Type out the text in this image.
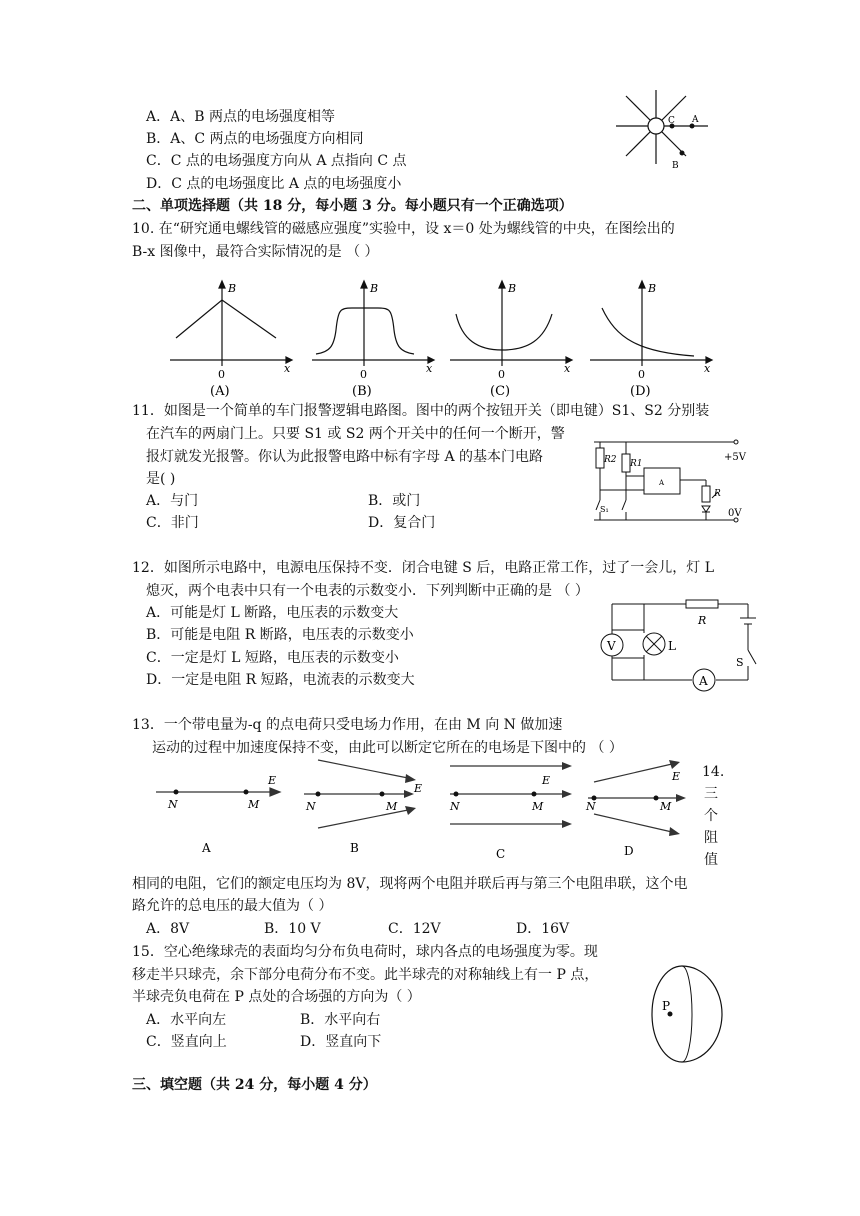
A．A、B 两点的电场强度相等
B．A、C 两点的电场强度方向相同
C．C 点的电场强度方向从 A 点指向 C 点
D．C 点的电场强度比 A 点的电场强度小
C A
B
二、单项选择题（共 18 分，每小题 3 分。每小题只有一个正确选项）
10. 在“研究通电螺线管的磁感应强度”实验中，设 x＝0 处为螺线管的中央，在图绘出的
B-x 图像中，最符合实际情况的是 （ ）
B
x
0
(A)
B
x
0
(B)
B
x
0
(C)
B
x
0
(D)
11．如图是一个简单的车门报警逻辑电路图。图中的两个按钮开关（即电键）S1、S2 分别装
在汽车的两扇门上。只要 S1 或 S2 两个开关中的任何一个断开，警
报灯就发光报警。你认为此报警电路中标有字母 A 的基本门电路
是( )
A．与门	B．或门
C．非门	D．复合门
R2 R1
A
R
+5V
S₁	0V
12．如图所示电路中，电源电压保持不变．闭合电键 S 后，电路正常工作，过了一会儿，灯 L
熄灭，两个电表中只有一个电表的示数变小．下列判断中正确的是 （ ）
A．可能是灯 L 断路，电压表的示数变大
B．可能是电阻 R 断路，电压表的示数变小
C．一定是灯 L 短路，电压表的示数变小
D．一定是电阻 R 短路，电流表的示数变大
V	L
R
S
A
13．一个带电量为-q 的点电荷只受电场力作用，在由 M 向 N 做加速
运动的过程中加速度保持不变，由此可以断定它所在的电场是下图中的 （ ）
N	M
E
A
N	M
E
B
N	M
E
C
N	M
E
D
14.
三
个
阻
值
相同的电阻，它们的额定电压均为 8V，现将两个电阻并联后再与第三个电阻串联，这个电
路允许的总电压的最大值为（ ）
A．8V	B．10 V	C．12V	D．16V
15．空心绝缘球壳的表面均匀分布负电荷时，球内各点的电场强度为零。现
移走半只球壳，余下部分电荷分布不变。此半球壳的对称轴线上有一 P 点，
半球壳负电荷在 P 点处的合场强的方向为（ ）
A．水平向左	B．水平向右
C．竖直向上	D．竖直向下
P
三、填空题（共 24 分，每小题 4 分）
